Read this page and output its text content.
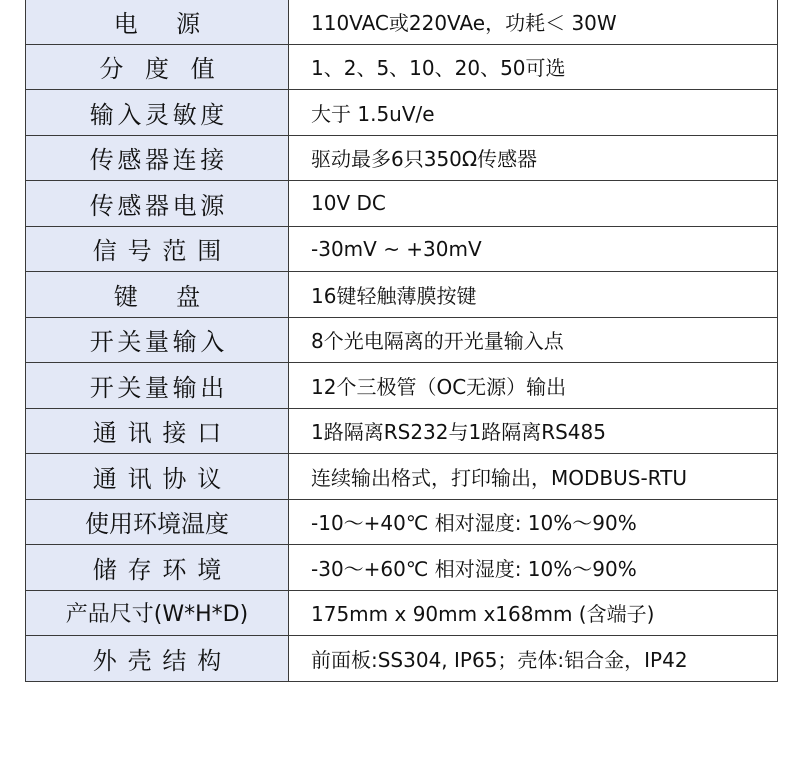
电源	110VAC或220VAe，功耗＜ 30W
分度值	1、2、5、10、20、50可选
输入灵敏度	大于 1.5uV/e
传感器连接	驱动最多6只350Ω传感器
传感器电源	10V DC
信号范围	-30mV ~ +30mV
键盘	16键轻触薄膜按键
开关量输入	8个光电隔离的开光量输入点
开关量输出	12个三极管（OC无源）输出
通讯接口	1路隔离RS232与1路隔离RS485
通讯协议	连续输出格式，打印输出，MODBUS-RTU
使用环境温度	-10～+40℃ 相对湿度: 10%～90%
储存环境	-30～+60℃ 相对湿度: 10%～90%
产品尺寸(W*H*D)	175mm x 90mm x168mm (含端子)
外壳结构	前面板:SS304, IP65；壳体:铝合金，IP42
